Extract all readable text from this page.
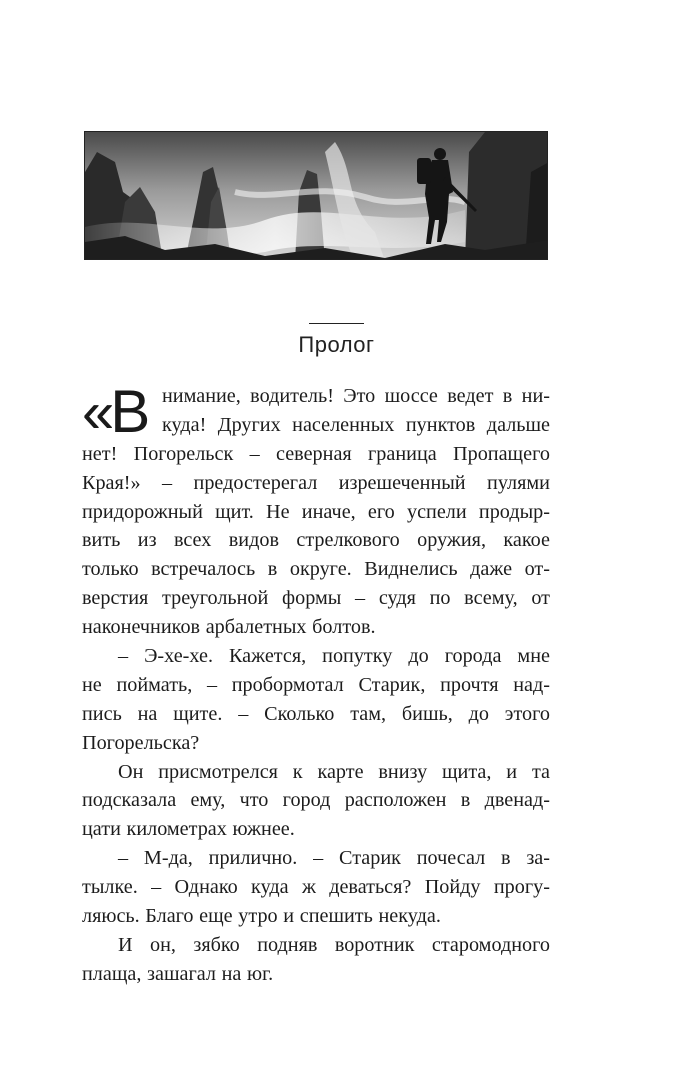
Пролог
«В нимание, водитель! Это шоссе ведет в ни-
куда! Других населенных пунктов дальше
нет! Погорельск – северная граница Пропащего
Края!» – предостерегал изрешеченный пулями
придорожный щит. Не иначе, его успели продыр-
вить из всех видов стрелкового оружия, какое
только встречалось в округе. Виднелись даже от-
верстия треугольной формы – судя по всему, от
наконечников арбалетных болтов.
– Э-хе-хе. Кажется, попутку до города мне
не поймать, – пробормотал Старик, прочтя над-
пись на щите. – Сколько там, бишь, до этого
Погорельска?
Он присмотрелся к карте внизу щита, и та
подсказала ему, что город расположен в двенад-
цати километрах южнее.
– М-да, прилично. – Старик почесал в за-
тылке. – Однако куда ж деваться? Пойду прогу-
ляюсь. Благо еще утро и спешить некуда.
И он, зябко подняв воротник старомодного
плаща, зашагал на юг.
